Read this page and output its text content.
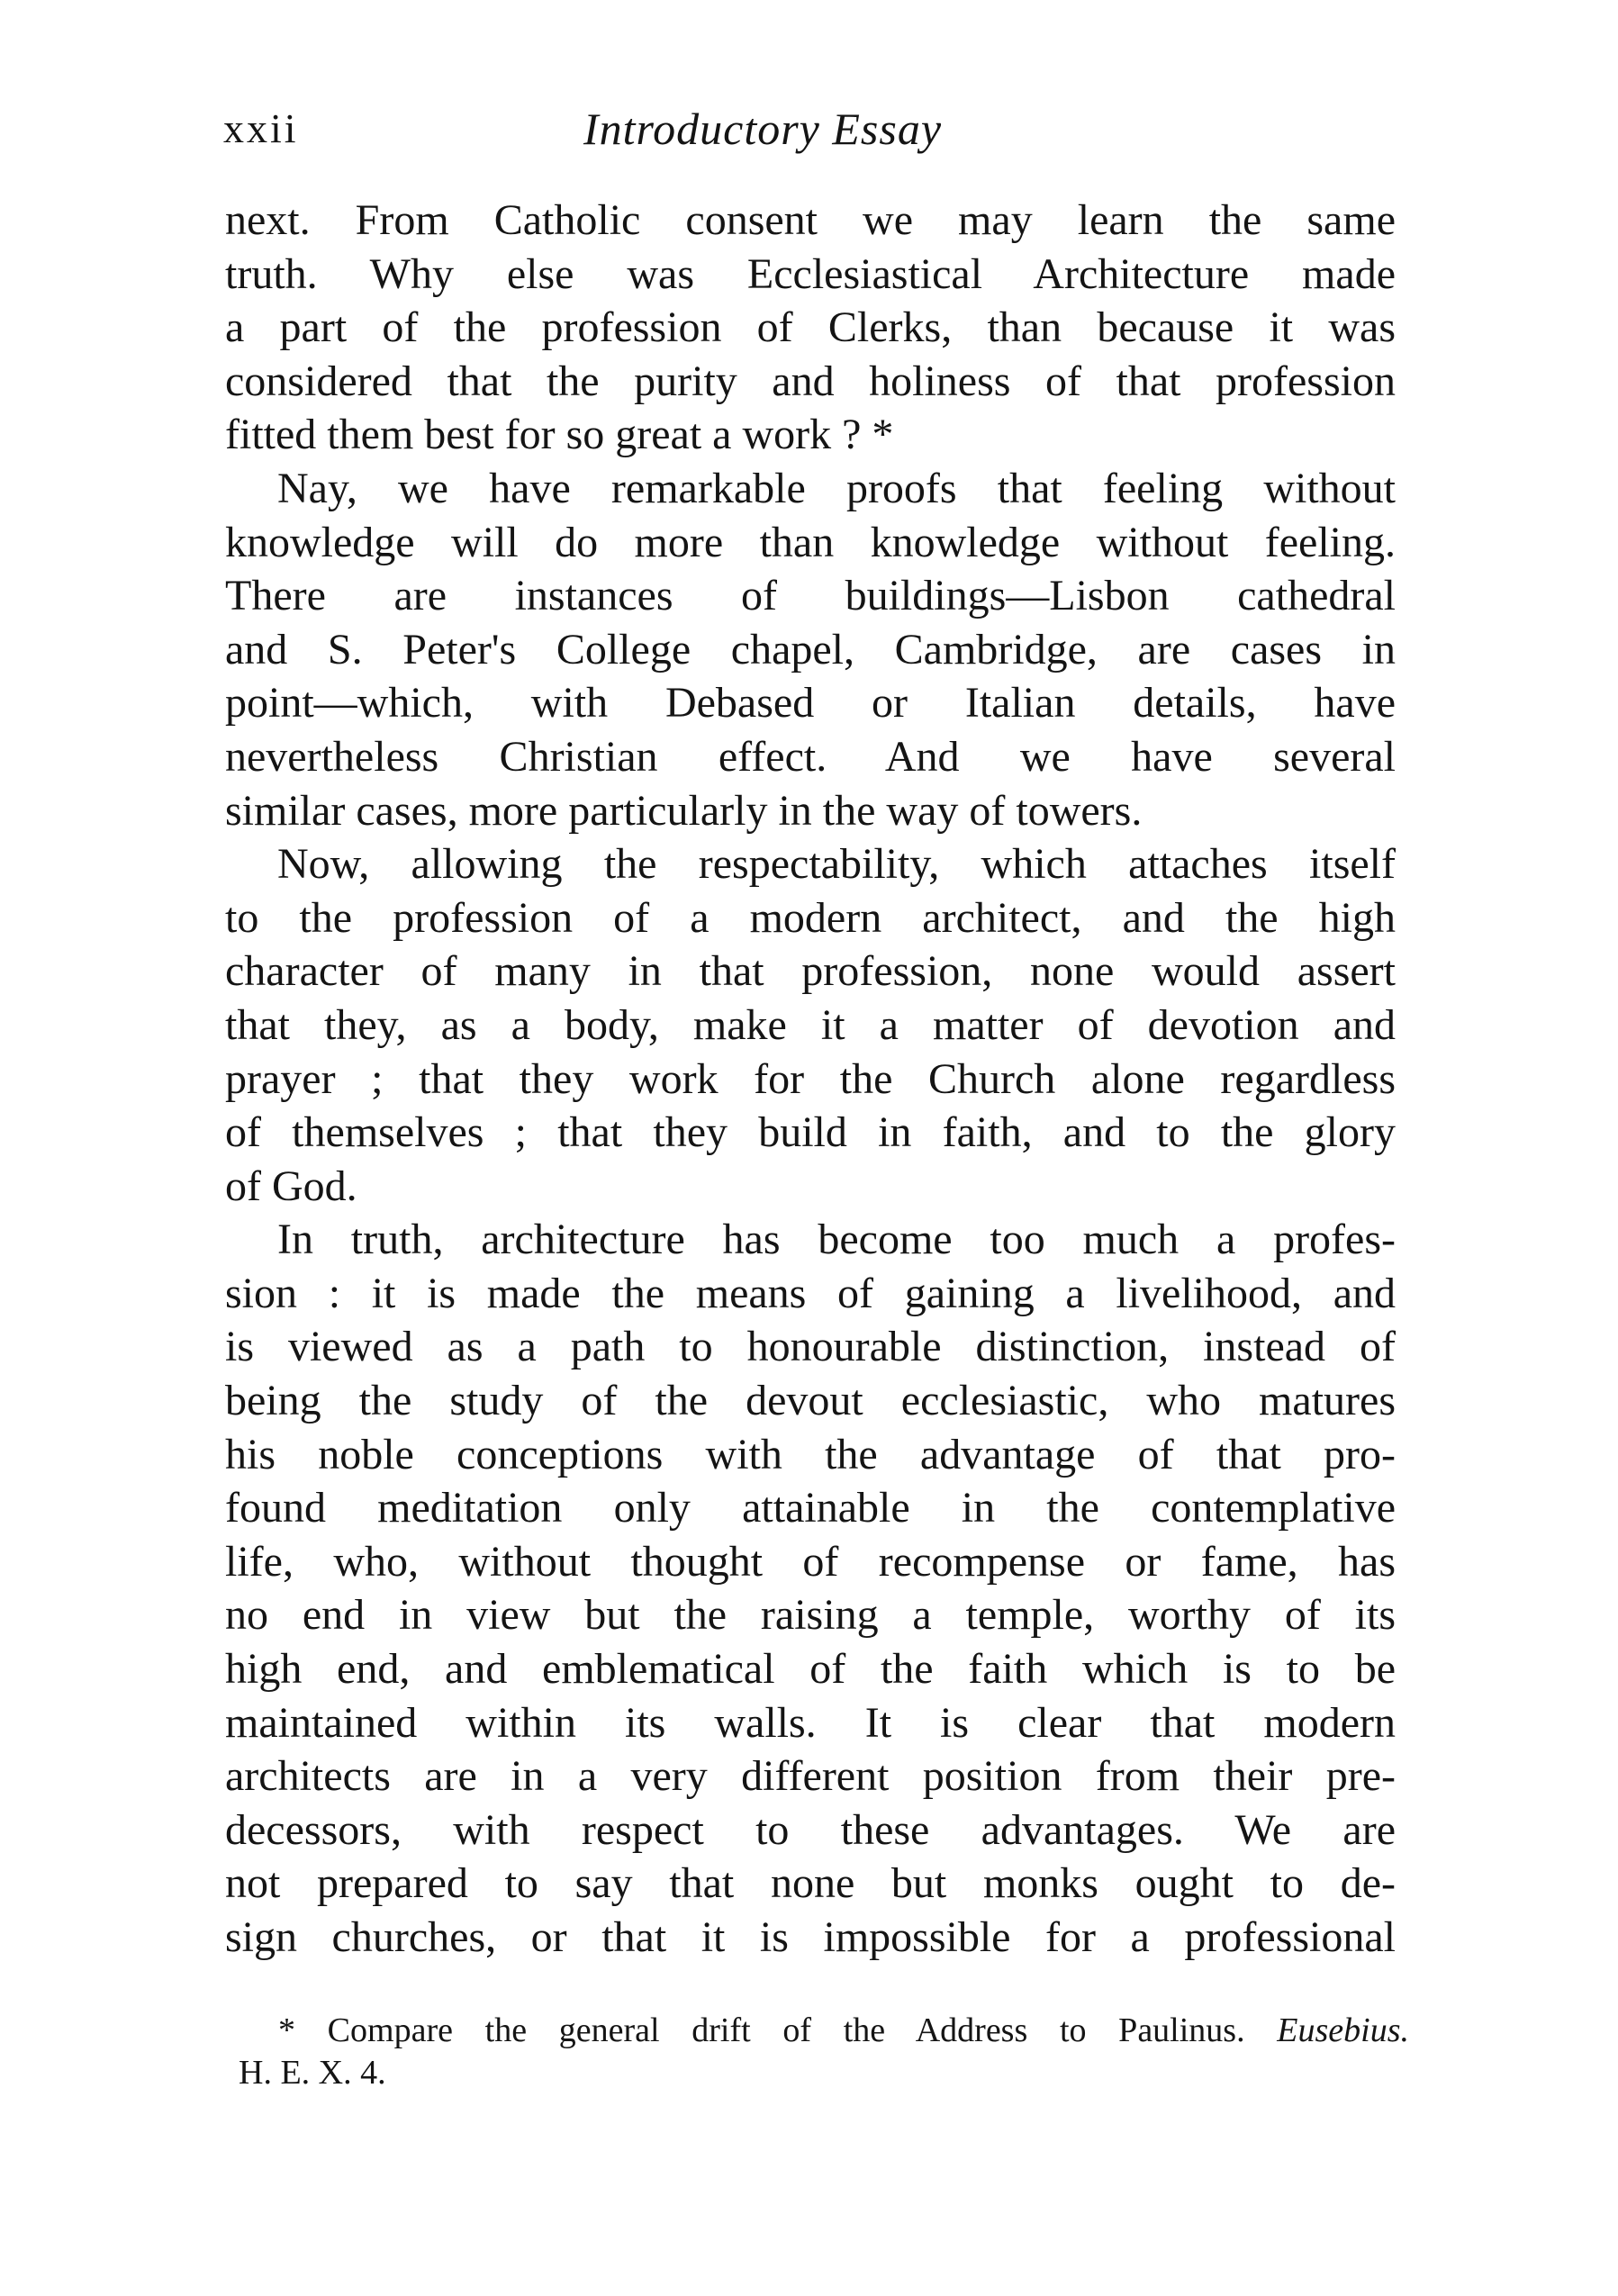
xxii	Introductory Essay
next. From Catholic consent we may learn the same
truth. Why else was Ecclesiastical Architecture made
a part of the profession of Clerks, than because it was
considered that the purity and holiness of that profession
fitted them best for so great a work ? *
Nay, we have remarkable proofs that feeling without
knowledge will do more than knowledge without feeling.
There are instances of buildings—Lisbon cathedral
and S. Peter's College chapel, Cambridge, are cases in
point—which, with Debased or Italian details, have
nevertheless Christian effect. And we have several
similar cases, more particularly in the way of towers.
Now, allowing the respectability, which attaches itself
to the profession of a modern architect, and the high
character of many in that profession, none would assert
that they, as a body, make it a matter of devotion and
prayer ; that they work for the Church alone regardless
of themselves ; that they build in faith, and to the glory
of God.
In truth, architecture has become too much a profes-
sion : it is made the means of gaining a livelihood, and
is viewed as a path to honourable distinction, instead of
being the study of the devout ecclesiastic, who matures
his noble conceptions with the advantage of that pro-
found meditation only attainable in the contemplative
life, who, without thought of recompense or fame, has
no end in view but the raising a temple, worthy of its
high end, and emblematical of the faith which is to be
maintained within its walls. It is clear that modern
architects are in a very different position from their pre-
decessors, with respect to these advantages. We are
not prepared to say that none but monks ought to de-
sign churches, or that it is impossible for a professional
* Compare the general drift of the Address to Paulinus. Eusebius.
H. E. X. 4.
